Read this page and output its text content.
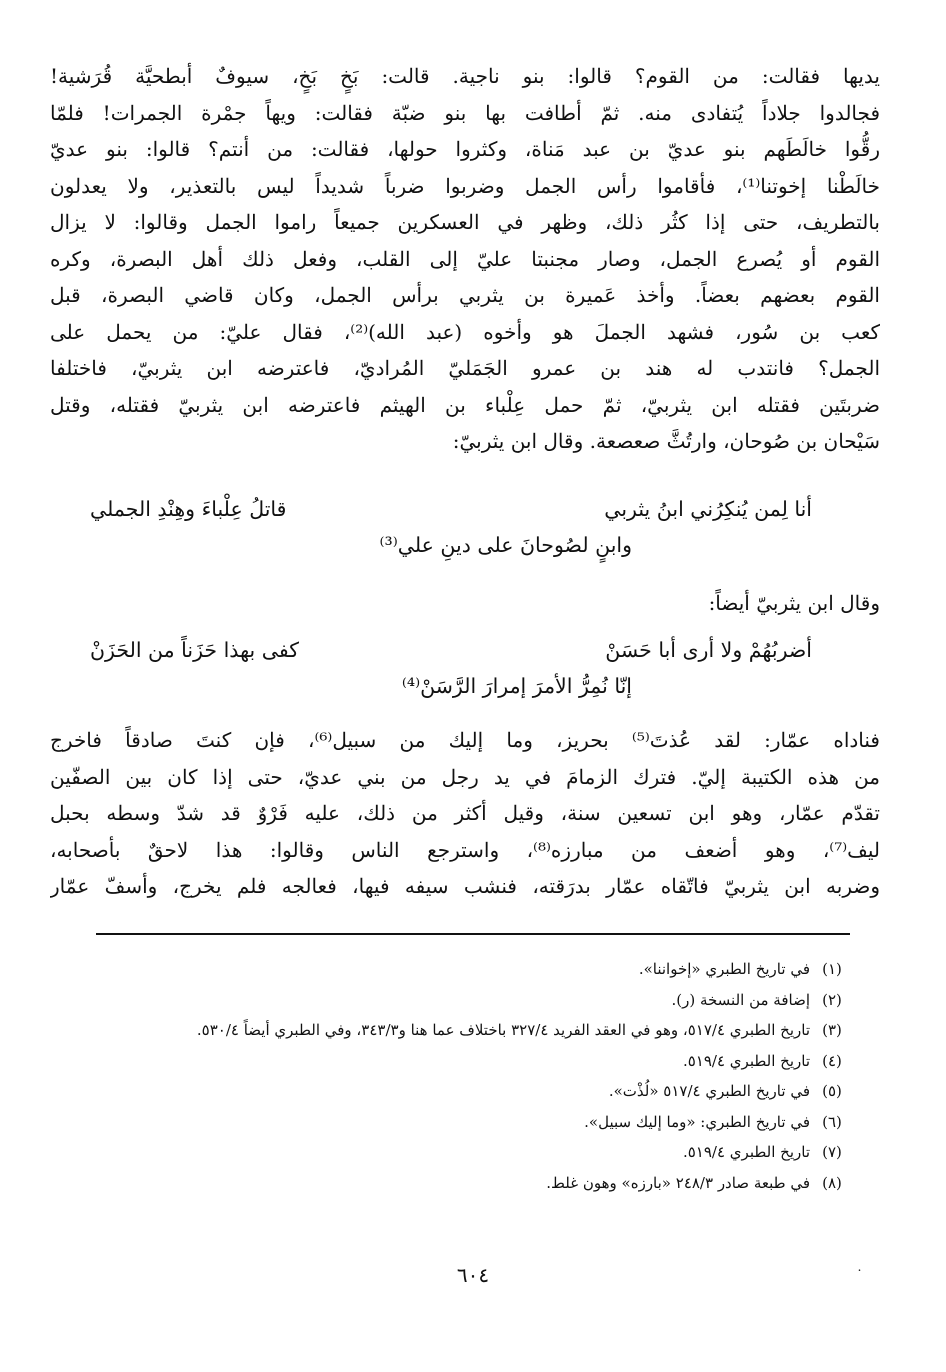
يديها فقالت: من القوم؟ قالوا: بنو ناجية. قالت: بَخٍ بَخٍ، سيوفٌ أبطحيَّة قُرَشية!
فجالدوا جلاداً يُتفادى منه. ثمّ أطافت بها بنو ضبّة فقالت: ويهاً جمْرة الجمرات! فلمّا
رقُّوا خالَطَهم بنو عديّ بن عبد مَناة، وكثروا حولها، فقالت: من أنتم؟ قالوا: بنو عديّ
خالَطْنا إخوتنا⁽¹⁾، فأقاموا رأس الجمل وضربوا ضرباً شديداً ليس بالتعذير، ولا يعدلون
بالتطريف، حتى إذا كثُر ذلك، وظهر في العسكرين جميعاً راموا الجمل وقالوا: لا يزال
القوم أو يُصرع الجمل، وصار مجنبتا عليّ إلى القلب، وفعل ذلك أهل البصرة، وكره
القوم بعضهم بعضاً. وأخذ عَميرة بن يثربي برأس الجمل، وكان قاضي البصرة، قبل
كعب بن سُور، فشهد الجملَ هو وأخوه (عبد الله)⁽²⁾، فقال عليّ: من يحمل على
الجمل؟ فانتدب له هند بن عمرو الجَمَليّ المُراديّ، فاعترضه ابن يثربيّ، فاختلفا
ضربتَين فقتله ابن يثربيّ، ثمّ حمل عِلْباء بن الهيثم فاعترضه ابن يثربيّ فقتله، وقتل
سَيْحان بن صُوحان، وارتُثَّ صعصعة. وقال ابن يثربيّ:
أنا لِمن يُنكِرُني ابنُ يثربي
قاتلُ عِلْباءَ وهِنْدِ الجملي
وابنٍ لصُوحانَ على دينِ علي⁽³⁾
وقال ابن يثربيّ أيضاً:
أضربُهُمْ ولا أرى أبا حَسَنْ
كفى بهذا حَزَناً من الحَزَنْ
إنّا نُمِرُّ الأمرَ إمرارَ الرَّسَنْ⁽⁴⁾
فناداه عمّار: لقد عُذتَ⁽⁵⁾ بحريز، وما إليك من سبيل⁽⁶⁾، فإن كنتَ صادقاً فاخرج
من هذه الكتيبة إليّ. فترك الزمامَ في يد رجل من بني عديّ، حتى إذا كان بين الصفّين
تقدّم عمّار، وهو ابن تسعين سنة، وقيل أكثر من ذلك، عليه فَرْوٌ قد شدّ وسطه بحبل
ليف⁽⁷⁾، وهو أضعف من مبارزه⁽⁸⁾، واسترجع الناس وقالوا: هذا لاحقٌ بأصحابه،
وضربه ابن يثربيّ فاتّقاه عمّار بدرَقته، فنشب سيفه فيها، فعالجه فلم يخرج، وأسفّ عمّار
(١)
في تاريخ الطبري «إخواننا».
(٢)
إضافة من النسخة (ر).
(٣)
تاريخ الطبري ٥١٧/٤، وهو في العقد الفريد ٣٢٧/٤ باختلاف عما هنا و٣٤٣/٣، وفي الطبري أيضاً ٥٣٠/٤.
(٤)
تاريخ الطبري ٥١٩/٤.
(٥)
في تاريخ الطبري ٥١٧/٤ «لُذْت».
(٦)
في تاريخ الطبري: «وما إليك سبيل».
(٧)
تاريخ الطبري ٥١٩/٤.
(٨)
في طبعة صادر ٢٤٨/٣ «بارزه» وهون غلط.
٦٠٤	˙
